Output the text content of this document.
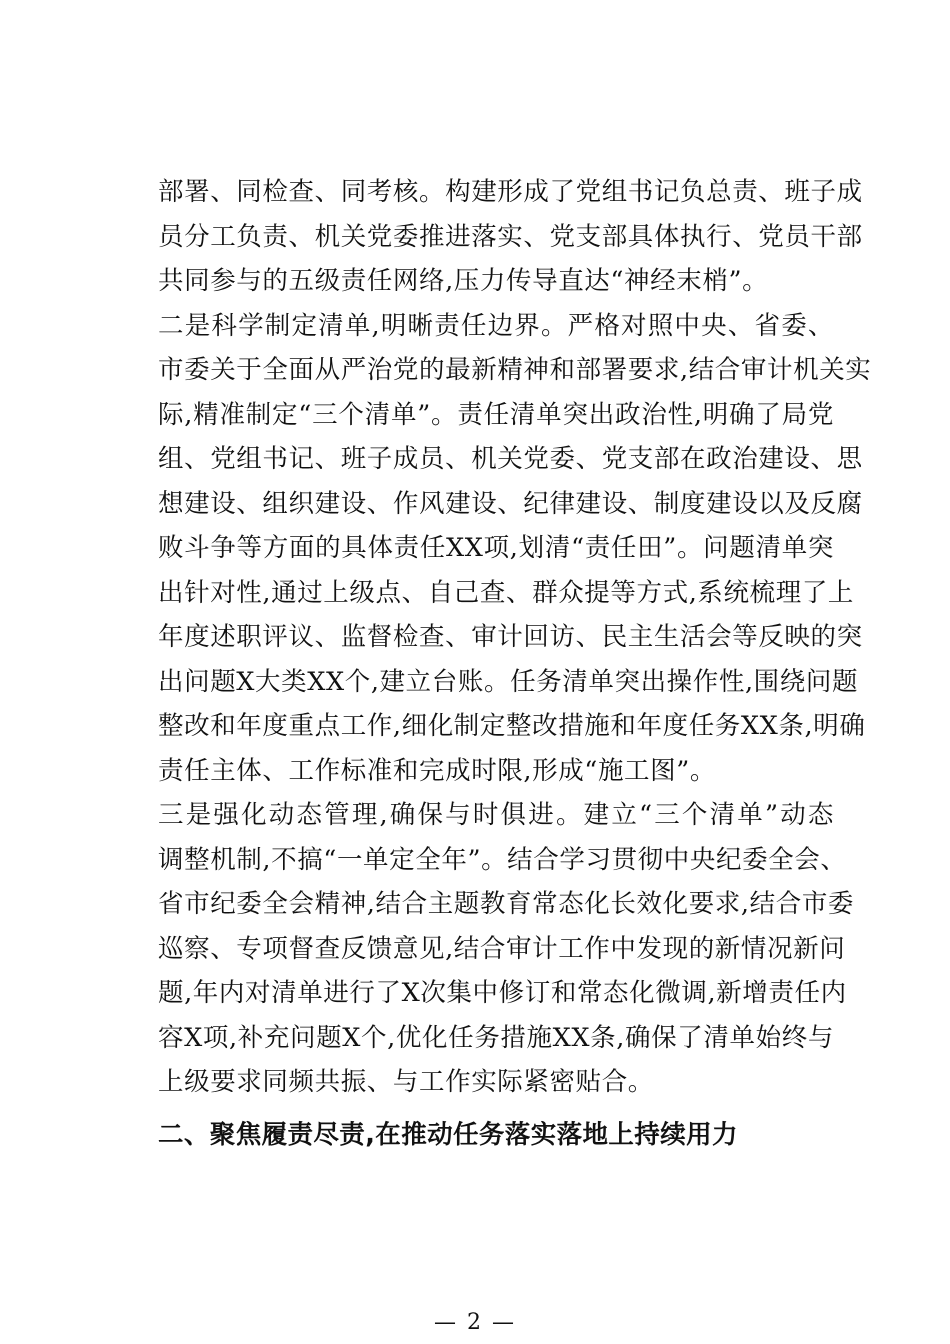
部署、同检查、同考核。构建形成了党组书记负总责、班子成
员分工负责、机关党委推进落实、党支部具体执行、党员干部
共同参与的五级责任网络,压力传导直达“神经末梢”。
二是科学制定清单,明晰责任边界。严格对照中央、省委、
市委关于全面从严治党的最新精神和部署要求,结合审计机关实
际,精准制定“三个清单”。责任清单突出政治性,明确了局党
组、党组书记、班子成员、机关党委、党支部在政治建设、思
想建设、组织建设、作风建设、纪律建设、制度建设以及反腐
败斗争等方面的具体责任XX项,划清“责任田”。问题清单突
出针对性,通过上级点、自己查、群众提等方式,系统梳理了上
年度述职评议、监督检查、审计回访、民主生活会等反映的突
出问题X大类XX个,建立台账。任务清单突出操作性,围绕问题
整改和年度重点工作,细化制定整改措施和年度任务XX条,明确
责任主体、工作标准和完成时限,形成“施工图”。
三是强化动态管理,确保与时俱进。建立“三个清单”动态
调整机制,不搞“一单定全年”。结合学习贯彻中央纪委全会、
省市纪委全会精神,结合主题教育常态化长效化要求,结合市委
巡察、专项督查反馈意见,结合审计工作中发现的新情况新问
题,年内对清单进行了X次集中修订和常态化微调,新增责任内
容X项,补充问题X个,优化任务措施XX条,确保了清单始终与
上级要求同频共振、与工作实际紧密贴合。
二、聚焦履责尽责,在推动任务落实落地上持续用力
— 2 —
